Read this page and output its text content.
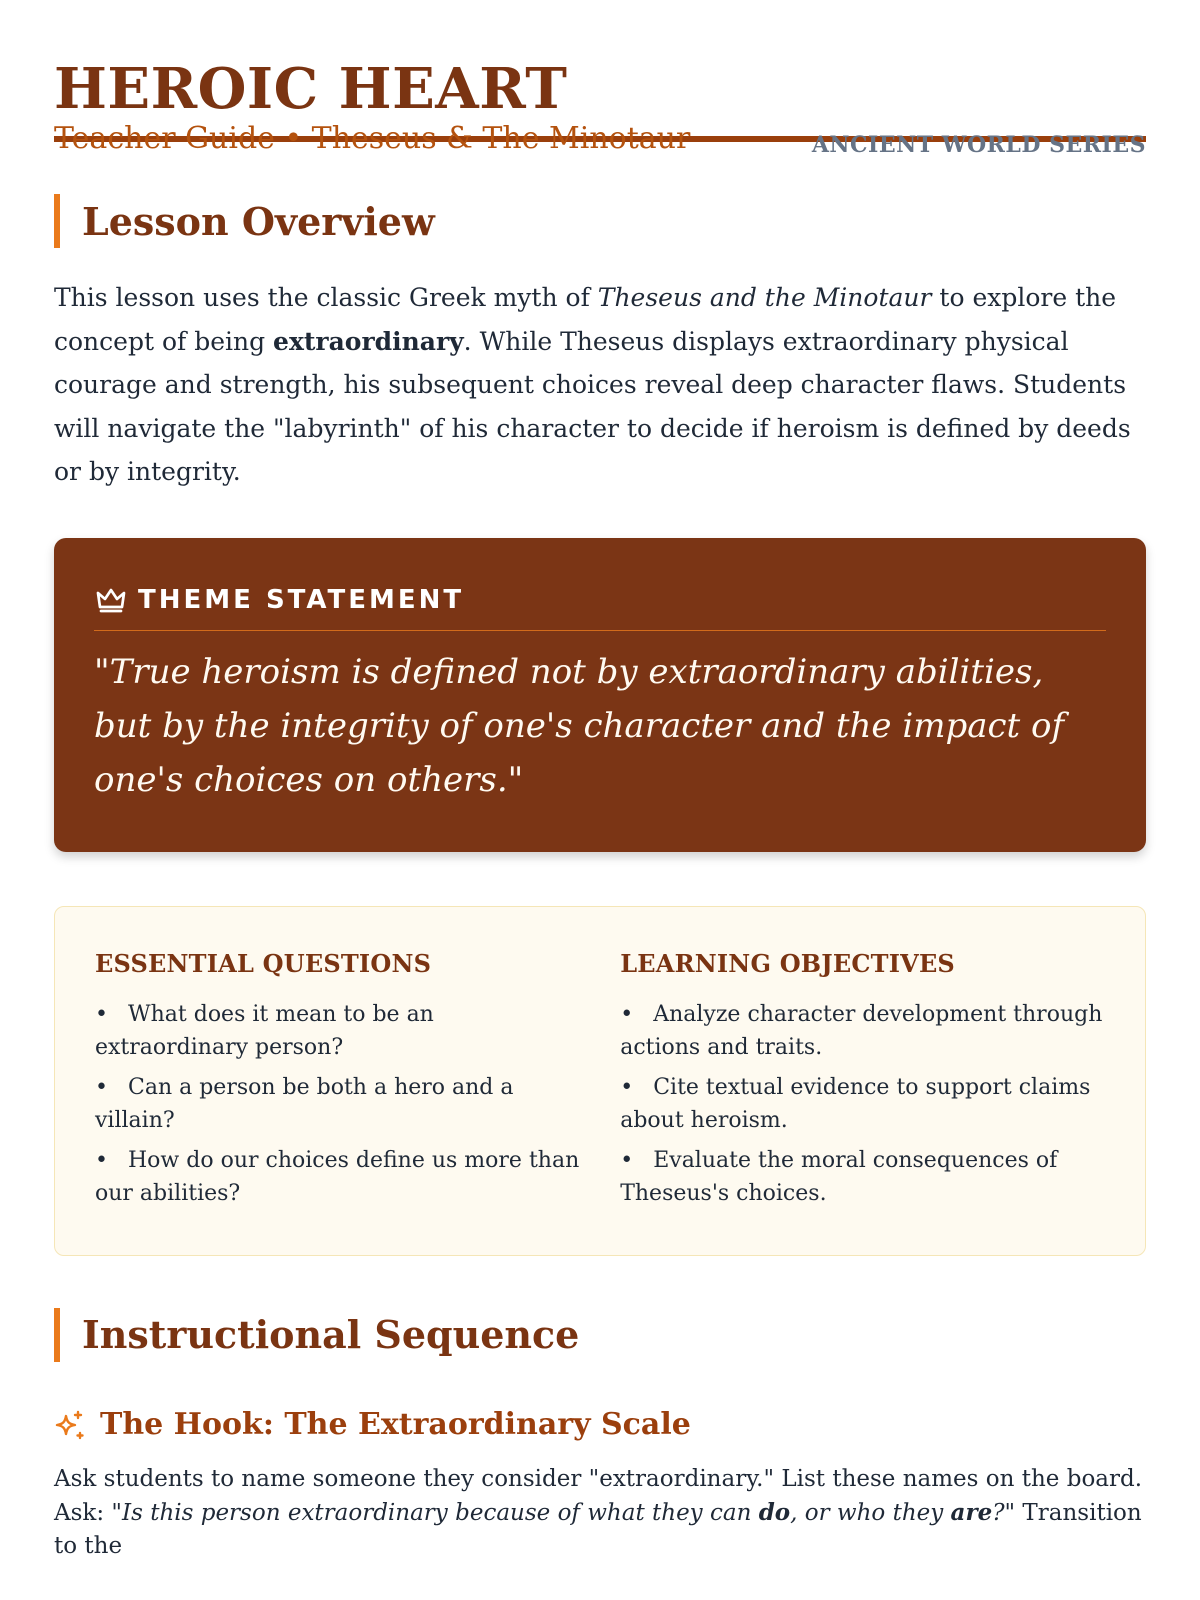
HEROIC HEART
Teacher Guide • Theseus & The Minotaur	ANCIENT WORLD SERIES
Lesson Overview
This lesson uses the classic Greek myth of Theseus and the Minotaur to explore the concept of being extraordinary. While Theseus displays extraordinary physical courage and strength, his subsequent choices reveal deep character flaws. Students will navigate the "labyrinth" of his character to decide if heroism is defined by deeds or by integrity.
THEME STATEMENT
"True heroism is defined not by extraordinary abilities, but by the integrity of one's character and the impact of one's choices on others."
ESSENTIAL QUESTIONS
• What does it mean to be an extraordinary person?
• Can a person be both a hero and a villain?
• How do our choices define us more than our abilities?
LEARNING OBJECTIVES
• Analyze character development through actions and traits.
• Cite textual evidence to support claims about heroism.
• Evaluate the moral consequences of Theseus's choices.
Instructional Sequence
The Hook: The Extraordinary Scale
Ask students to name someone they consider "extraordinary." List these names on the board. Ask: "Is this person extraordinary because of what they can do, or who they are?" Transition to the
